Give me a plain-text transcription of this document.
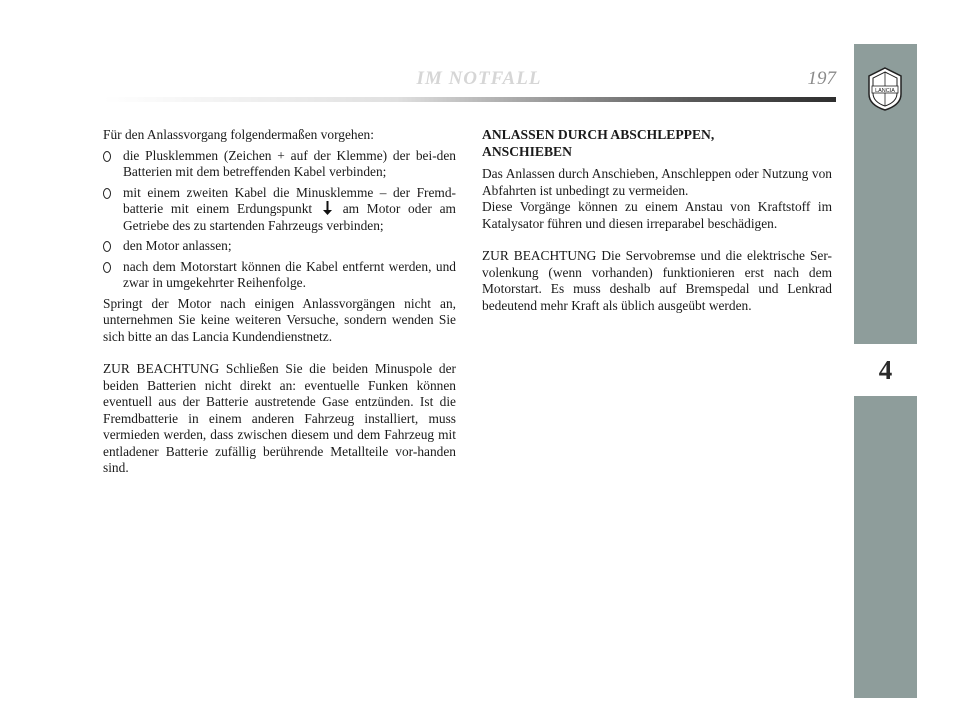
IM NOTFALL	197
LANCIA
4

Für den Anlassvorgang folgendermaßen vorgehen:

die Plusklemmen (Zeichen + auf der Klemme) der bei-den Batterien mit dem betreffenden Kabel verbinden;
mit einem zweiten Kabel die Minusklemme – der Fremd-batterie mit einem Erdungspunkt am Motor oder am Getriebe des zu startenden Fahrzeugs verbinden;
den Motor anlassen;
nach dem Motorstart können die Kabel entfernt werden, und zwar in umgekehrter Reihenfolge.

Springt der Motor nach einigen Anlassvorgängen nicht an, unternehmen Sie keine weiteren Versuche, sondern wenden Sie sich bitte an das Lancia Kundendienstnetz.

ZUR BEACHTUNG Schließen Sie die beiden Minuspole der beiden Batterien nicht direkt an: eventuelle Funken können eventuell aus der Batterie austretende Gase entzünden. Ist die Fremdbatterie in einem anderen Fahrzeug installiert, muss vermieden werden, dass zwischen diesem und dem Fahrzeug mit entladener Batterie zufällig berührende Metallteile vor-handen sind.

ANLASSEN DURCH ABSCHLEPPEN,
ANSCHIEBEN

Das Anlassen durch Anschieben, Anschleppen oder Nutzung von Abfahrten ist unbedingt zu vermeiden.

Diese Vorgänge können zu einem Anstau von Kraftstoff im Katalysator führen und diesen irreparabel beschädigen.

ZUR BEACHTUNG Die Servobremse und die elektrische Ser-volenkung (wenn vorhanden) funktionieren erst nach dem Motorstart. Es muss deshalb auf Bremspedal und Lenkrad bedeutend mehr Kraft als üblich ausgeübt werden.
